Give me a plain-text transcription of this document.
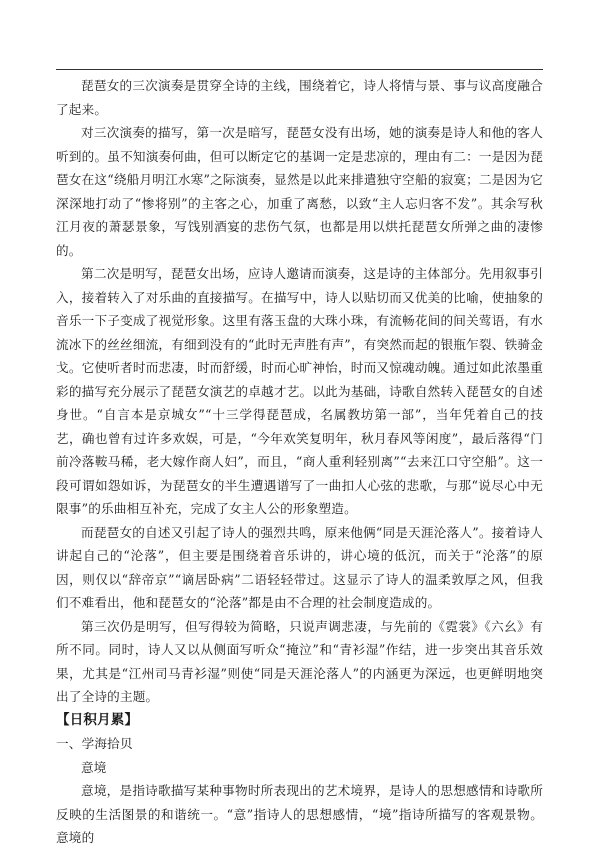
琵琶女的三次演奏是贯穿全诗的主线，围绕着它，诗人将情与景、事与议高度融合了起来。

对三次演奏的描写，第一次是暗写，琵琶女没有出场，她的演奏是诗人和他的客人听到的。虽不知演奏何曲，但可以断定它的基调一定是悲凉的，理由有二：一是因为琵琶女在这“绕船月明江水寒”之际演奏，显然是以此来排遣独守空船的寂寞；二是因为它深深地打动了“惨将别”的主客之心，加重了离愁，以致“主人忘归客不发”。其余写秋江月夜的萧瑟景象，写饯别酒宴的悲伤气氛，也都是用以烘托琵琶女所弹之曲的凄惨的。

第二次是明写，琵琶女出场，应诗人邀请而演奏，这是诗的主体部分。先用叙事引入，接着转入了对乐曲的直接描写。在描写中，诗人以贴切而又优美的比喻，使抽象的音乐一下子变成了视觉形象。这里有落玉盘的大珠小珠，有流畅花间的间关莺语，有水流冰下的丝丝细流，有细到没有的“此时无声胜有声”，有突然而起的银瓶乍裂、铁骑金戈。它使听者时而悲凄，时而舒缓，时而心旷神怡，时而又惊魂动魄。通过如此浓墨重彩的描写充分展示了琵琶女演艺的卓越才艺。以此为基础，诗歌自然转入琵琶女的自述身世。“自言本是京城女”“十三学得琵琶成，名属教坊第一部”，当年凭着自己的技艺，确也曾有过许多欢娱，可是，“今年欢笑复明年，秋月春风等闲度”，最后落得“门前冷落鞍马稀，老大嫁作商人妇”，而且，“商人重利轻别离”“去来江口守空船”。这一段可谓如怨如诉，为琵琶女的半生遭遇谱写了一曲扣人心弦的悲歌，与那“说尽心中无限事”的乐曲相互补充，完成了女主人公的形象塑造。

而琵琶女的自述又引起了诗人的强烈共鸣，原来他俩“同是天涯沦落人”。接着诗人讲起自己的“沦落”，但主要是围绕着音乐讲的，讲心境的低沉，而关于“沦落”的原因，则仅以“辞帝京”“谪居卧病”二语轻轻带过。这显示了诗人的温柔敦厚之风，但我们不难看出，他和琵琶女的“沦落”都是由不合理的社会制度造成的。

第三次仍是明写，但写得较为简略，只说声调悲凄，与先前的《霓裳》《六幺》有所不同。同时，诗人又以从侧面写听众“掩泣”和“青衫湿”作结，进一步突出其音乐效果，尤其是“江州司马青衫湿”则使“同是天涯沦落人”的内涵更为深远，也更鲜明地突出了全诗的主题。

【日积月累】

一、学海拾贝

意境

意境，是指诗歌描写某种事物时所表现出的艺术境界，是诗人的思想感情和诗歌所反映的生活图景的和谐统一。“意”指诗人的思想感情，“境”指诗所描写的客观景物。意境的
